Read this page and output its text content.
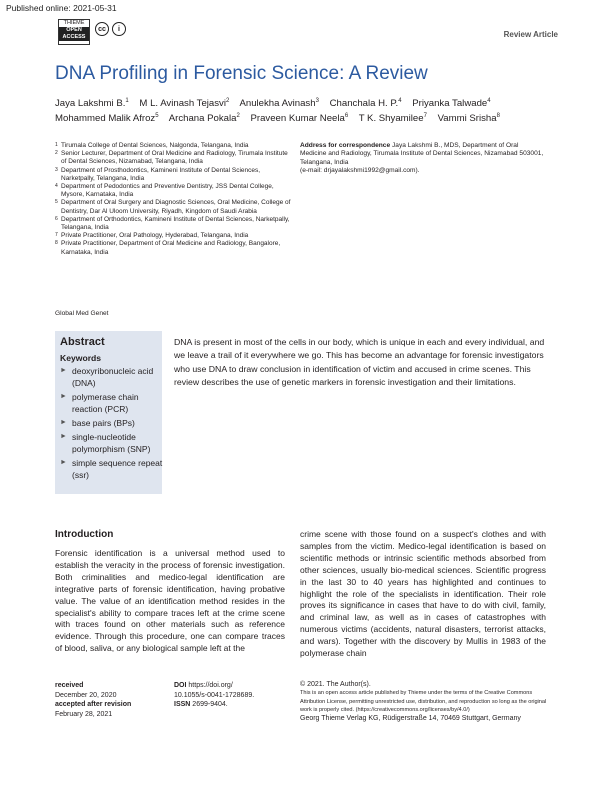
Published online: 2021-05-31
THIEME
OPEN
ACCESS
cc	i
Review Article
DNA Profiling in Forensic Science: A Review
Jaya Lakshmi B.$^1$ M L. Avinash Tejasvi$^2$ Anulekha Avinash$^3$ Chanchala H. P.$^4$ Priyanka Talwade$^4$
Mohammed Malik Afroz$^5$ Archana Pokala$^2$ Praveen Kumar Neela$^6$ T K. Shyamilee$^7$ Vammi Srisha$^8$
1 Tirumala College of Dental Sciences, Nalgonda, Telangana, India
2 Senior Lecturer, Department of Oral Medicine and Radiology, Tirumala Institute of Dental Sciences, Nizamabad, Telangana, India
3 Department of Prosthodontics, Kamineni Institute of Dental Sciences, Narketpally, Telangana, India
4 Department of Pedodontics and Preventive Dentistry, JSS Dental College, Mysore, Karnataka, India
5 Department of Oral Surgery and Diagnostic Sciences, Oral Medicine, College of Dentistry, Dar Al Uloom University, Riyadh, Kingdom of Saudi Arabia
6 Department of Orthodontics, Kamineni Institute of Dental Sciences, Narketpally, Telangana, India
7 Private Practitioner, Oral Pathology, Hyderabad, Telangana, India
8 Private Practitioner, Department of Oral Medicine and Radiology, Bangalore, Karnataka, India
Global Med Genet
Address for correspondence Jaya Lakshmi B., MDS, Department of Oral Medicine and Radiology, Tirumala Institute of Dental Sciences, Nizamabad 503001, Telangana, India
(e-mail: drjayalakshmi1992@gmail.com).
Abstract
Keywords
► deoxyribonucleic acid (DNA)
► polymerase chain reaction (PCR)
► base pairs (BPs)
► single-nucleotide polymorphism (SNP)
► simple sequence repeat (ssr)
DNA is present in most of the cells in our body, which is unique in each and every individual, and we leave a trail of it everywhere we go. This has become an advantage for forensic investigators who use DNA to draw conclusion in identification of victim and accused in crime scenes. This review describes the use of genetic markers in forensic investigation and their limitations.
Introduction
Forensic identification is a universal method used to establish the veracity in the process of forensic investigation. Both criminalities and medico-legal identification are integrative parts of forensic identification, having probative value. The value of an identification method resides in the specialist's ability to compare traces left at the crime scene with traces found on other materials such as reference evidence. Through this procedure, one can compare traces of blood, saliva, or any biological sample left at the
crime scene with those found on a suspect's clothes and with samples from the victim. Medico-legal identification is based on scientific methods or intrinsic scientific methods absorbed from other sciences, usually bio-medical sciences. Scientific progress in the last 30 to 40 years has highlighted and continues to highlight the role of the specialists in identification. Their role proves its significance in cases that have to do with civil, family, and criminal law, as well as in cases of catastrophes with numerous victims (accidents, natural disasters, terrorist attacks, and wars). Together with the discovery by Mullis in 1983 of the polymerase chain
received
December 20, 2020
accepted after revision
February 28, 2021
DOI https://doi.org/
10.1055/s-0041-1728689.
ISSN 2699-9404.
© 2021. The Author(s).
This is an open access article published by Thieme under the terms of the Creative Commons Attribution License, permitting unrestricted use, distribution, and reproduction so long as the original work is properly cited. (https://creativecommons.org/licenses/by/4.0/)
Georg Thieme Verlag KG, Rüdigerstraße 14, 70469 Stuttgart, Germany
